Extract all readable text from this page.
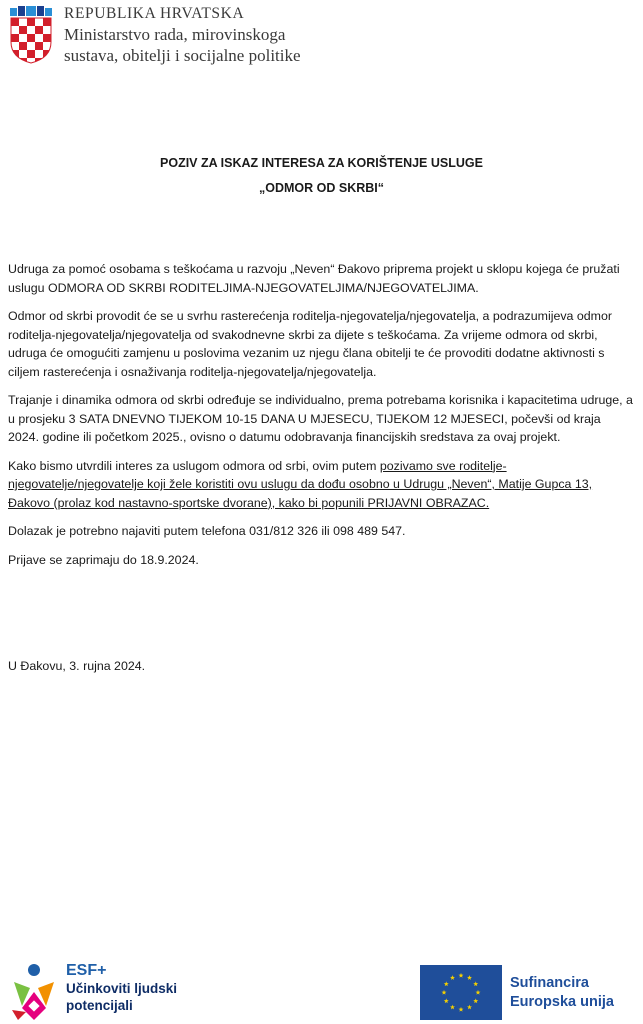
REPUBLIKA HRVATSKA
Ministarstvo rada, mirovinskoga
sustava, obitelji i socijalne politike
POZIV ZA ISKAZ INTERESA ZA KORIŠTENJE USLUGE
„ODMOR OD SKRBI“

Udruga za pomoć osobama s teškoćama u razvoju „Neven“ Đakovo priprema projekt u sklopu kojega će pružati uslugu ODMORA OD SKRBI RODITELJIMA-NJEGOVATELJIMA/NJEGOVATELJIMA.

Odmor od skrbi provodit će se u svrhu rasterećenja roditelja-njegovatelja/njegovatelja, a podrazumijeva odmor roditelja-njegovatelja/njegovatelja od svakodnevne skrbi za dijete s teškoćama. Za vrijeme odmora od skrbi, udruga će omogućiti zamjenu u poslovima vezanim uz njegu člana obitelji te će provoditi dodatne aktivnosti s ciljem rasterećenja i osnaživanja roditelja-njegovatelja/njegovatelja.

Trajanje i dinamika odmora od skrbi određuje se individualno, prema potrebama korisnika i kapacitetima udruge, a u prosjeku 3 SATA DNEVNO TIJEKOM 10-15 DANA U MJESECU, TIJEKOM 12 MJESECI, počevši od kraja 2024. godine ili početkom 2025., ovisno o datumu odobravanja financijskih sredstava za ovaj projekt.

Kako bismo utvrdili interes za uslugom odmora od srbi, ovim putem pozivamo sve roditelje-njegovatelje/njegovatelje koji žele koristiti ovu uslugu da dođu osobno u Udrugu „Neven“, Matije Gupca 13, Đakovo (prolaz kod nastavno-sportske dvorane), kako bi popunili PRIJAVNI OBRAZAC.

Dolazak je potrebno najaviti putem telefona 031/812 326 ili 098 489 547.

Prijave se zaprimaju do 18.9.2024.

U Đakovu, 3. rujna 2024.

ESF+
Učinkoviti ljudski
potencijali
Sufinancira
Europska unija
